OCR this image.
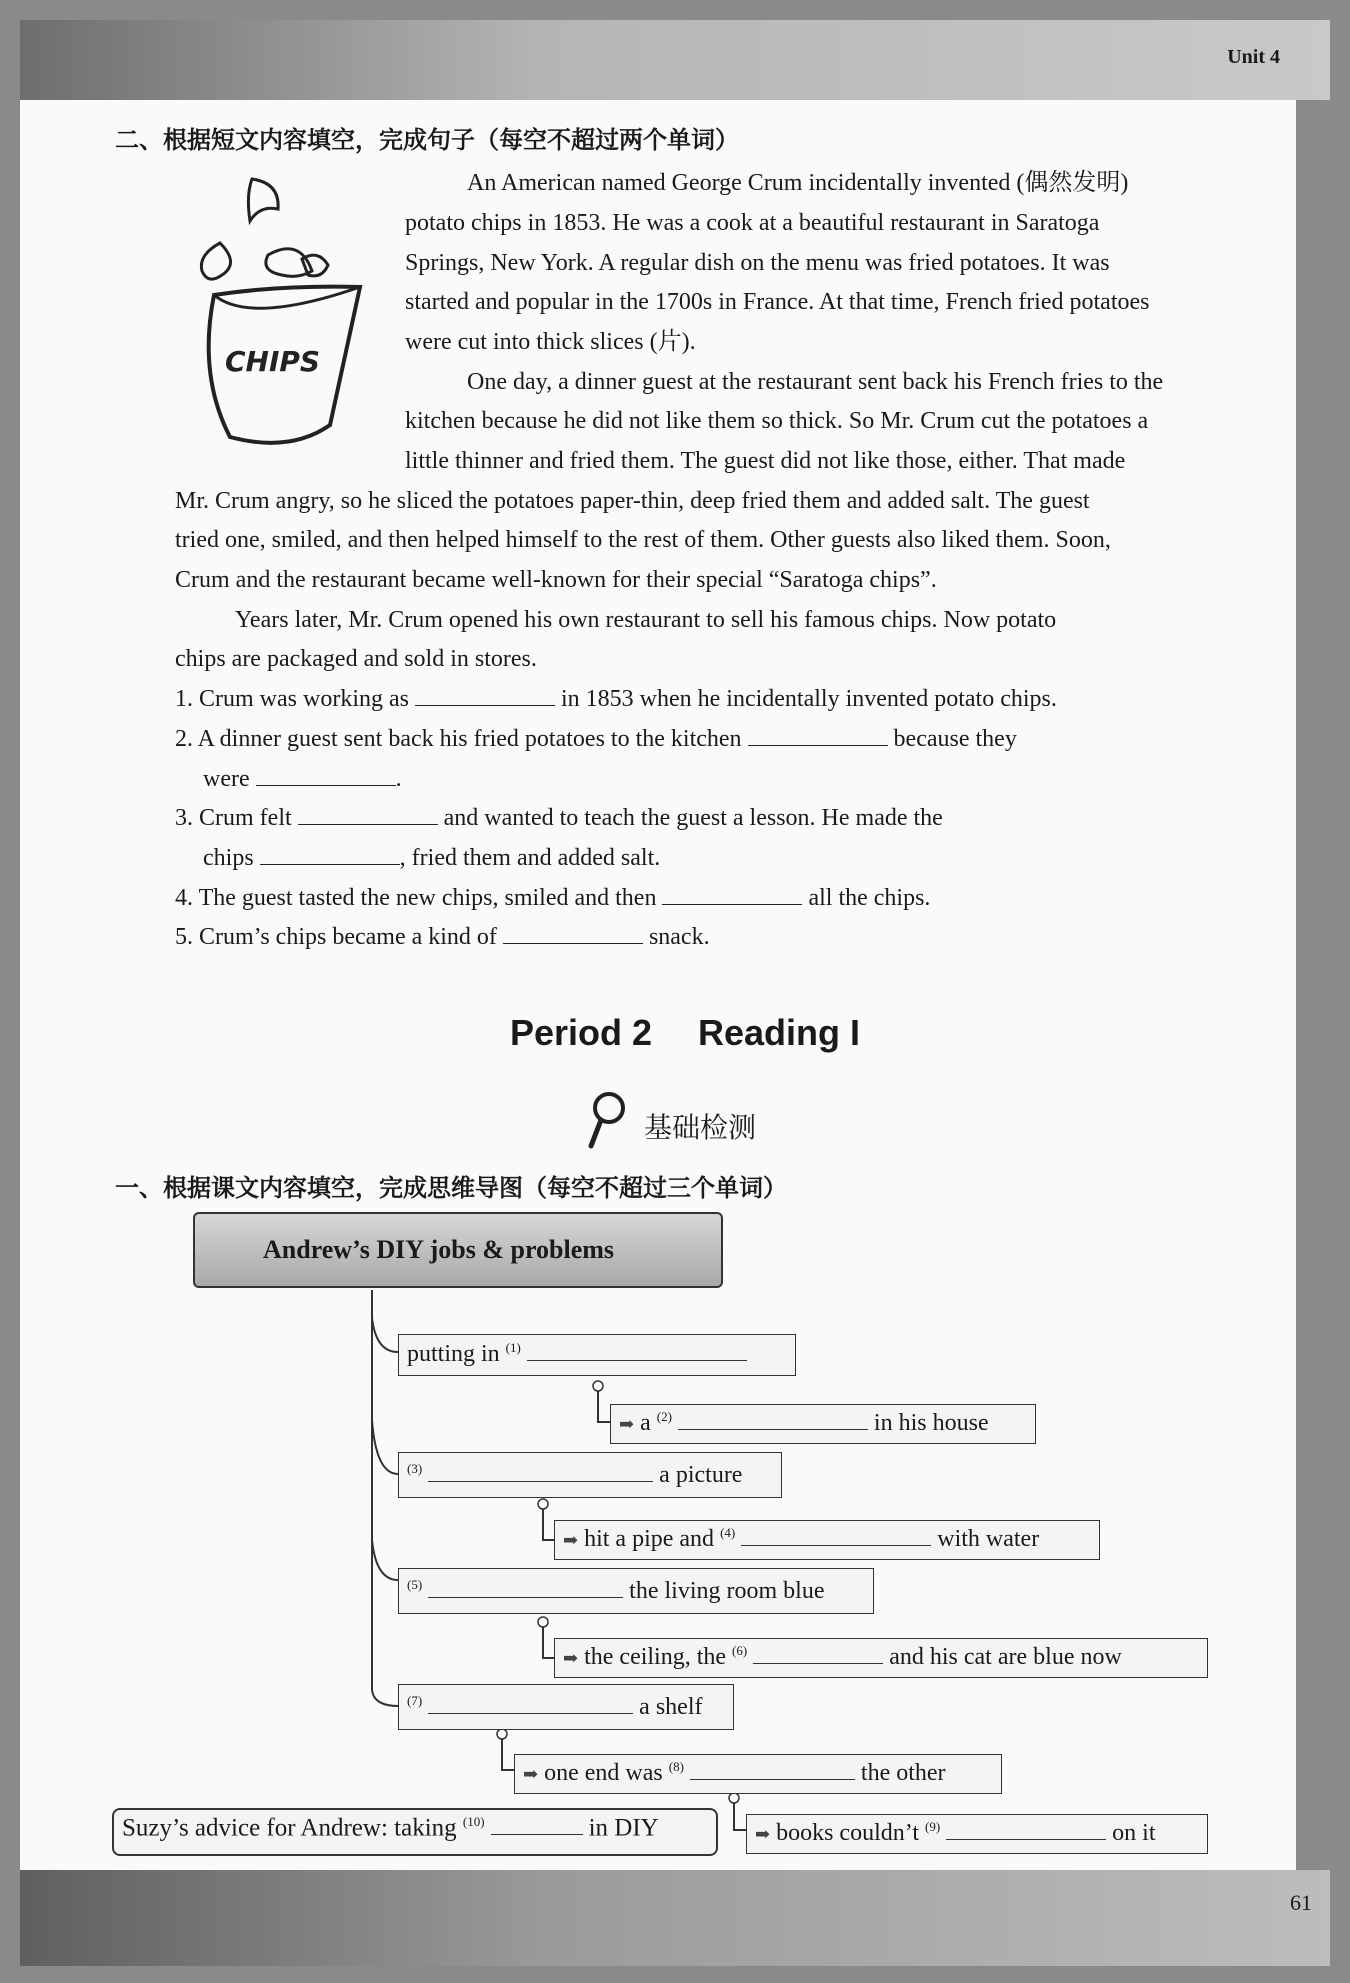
Unit 4
61
二、根据短文内容填空，完成句子（每空不超过两个单词）
CHIPS
An American named George Crum incidentally invented (偶然发明)
potato chips in 1853. He was a cook at a beautiful restaurant in Saratoga
Springs, New York. A regular dish on the menu was fried potatoes. It was
started and popular in the 1700s in France. At that time, French fried potatoes
were cut into thick slices (片).
One day, a dinner guest at the restaurant sent back his French fries to the
kitchen because he did not like them so thick. So Mr. Crum cut the potatoes a
little thinner and fried them. The guest did not like those, either. That made
Mr. Crum angry, so he sliced the potatoes paper-thin, deep fried them and added salt. The guest
tried one, smiled, and then helped himself to the rest of them. Other guests also liked them. Soon,
Crum and the restaurant became well-known for their special “Saratoga chips”.
Years later, Mr. Crum opened his own restaurant to sell his famous chips. Now potato
chips are packaged and sold in stores.
1. Crum was working as	in 1853 when he incidentally invented potato chips.
2. A dinner guest sent back his fried potatoes to the kitchen	because they
were	.
3. Crum felt	and wanted to teach the guest a lesson. He made the
chips	, fried them and added salt.
4. The guest tasted the new chips, smiled and then	all the chips.
5. Crum’s chips became a kind of	snack.
Period 2 Reading I
基础检测
一、根据课文内容填空，完成思维导图（每空不超过三个单词）
Andrew’s DIY jobs & problems
putting in $^{(1)}$
➡ a $^{(2)}$	in his house
$^{(3)}$	a picture
➡ hit a pipe and $^{(4)}$	with water
$^{(5)}$	the living room blue
➡ the ceiling, the $^{(6)}$	and his cat are blue now
$^{(7)}$	a shelf
➡ one end was $^{(8)}$	the other
➡ books couldn’t $^{(9)}$	on it
Suzy’s advice for Andrew: taking $^{(10)}$	in DIY
